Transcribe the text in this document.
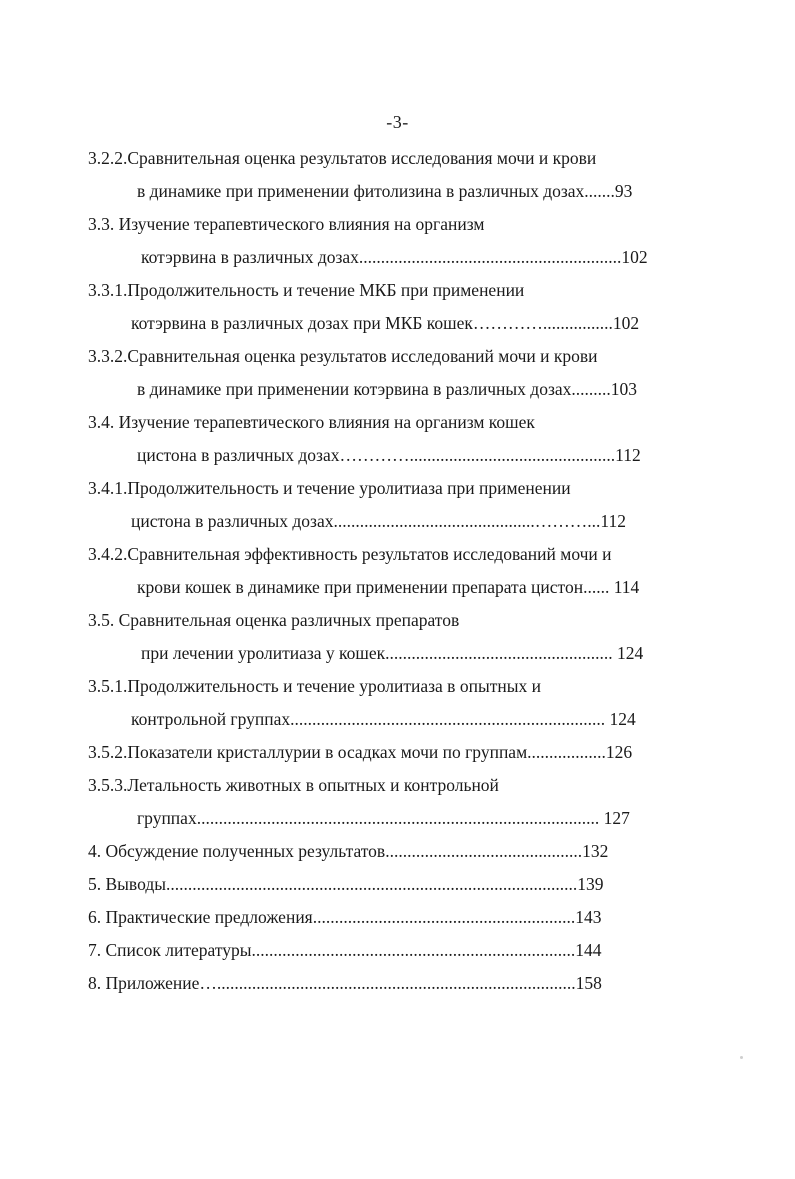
-3-
3.2.2.Сравнительная оценка результатов исследования мочи и крови
в динамике при применении фитолизина в различных дозах.......93
3.3. Изучение терапевтического влияния на организм
котэрвина в различных дозах............................................................102
3.3.1.Продолжительность и течение МКБ при применении
котэрвина в различных дозах при МКБ кошек…………................102
3.3.2.Сравнительная оценка результатов исследований мочи и крови
в динамике при применении котэрвина в различных дозах.........103
3.4. Изучение терапевтического влияния на организм кошек
цистона в различных дозах…………...............................................112
3.4.1.Продолжительность и течение уролитиаза при применении
цистона в различных дозах..............................................………...112
3.4.2.Сравнительная эффективность результатов исследований мочи и
крови кошек в динамике при применении препарата цистон...... 114
3.5. Сравнительная оценка различных препаратов
при лечении уролитиаза у кошек.................................................... 124
3.5.1.Продолжительность и течение уролитиаза в опытных и
контрольной группах........................................................................ 124
3.5.2.Показатели кристаллурии в осадках мочи по группам..................126
3.5.3.Летальность животных в опытных и контрольной
группах............................................................................................ 127
4. Обсуждение полученных результатов.............................................132
5. Выводы..............................................................................................139
6. Практические предложения............................................................143
7. Список литературы..........................................................................144
8. Приложение…..................................................................................158
